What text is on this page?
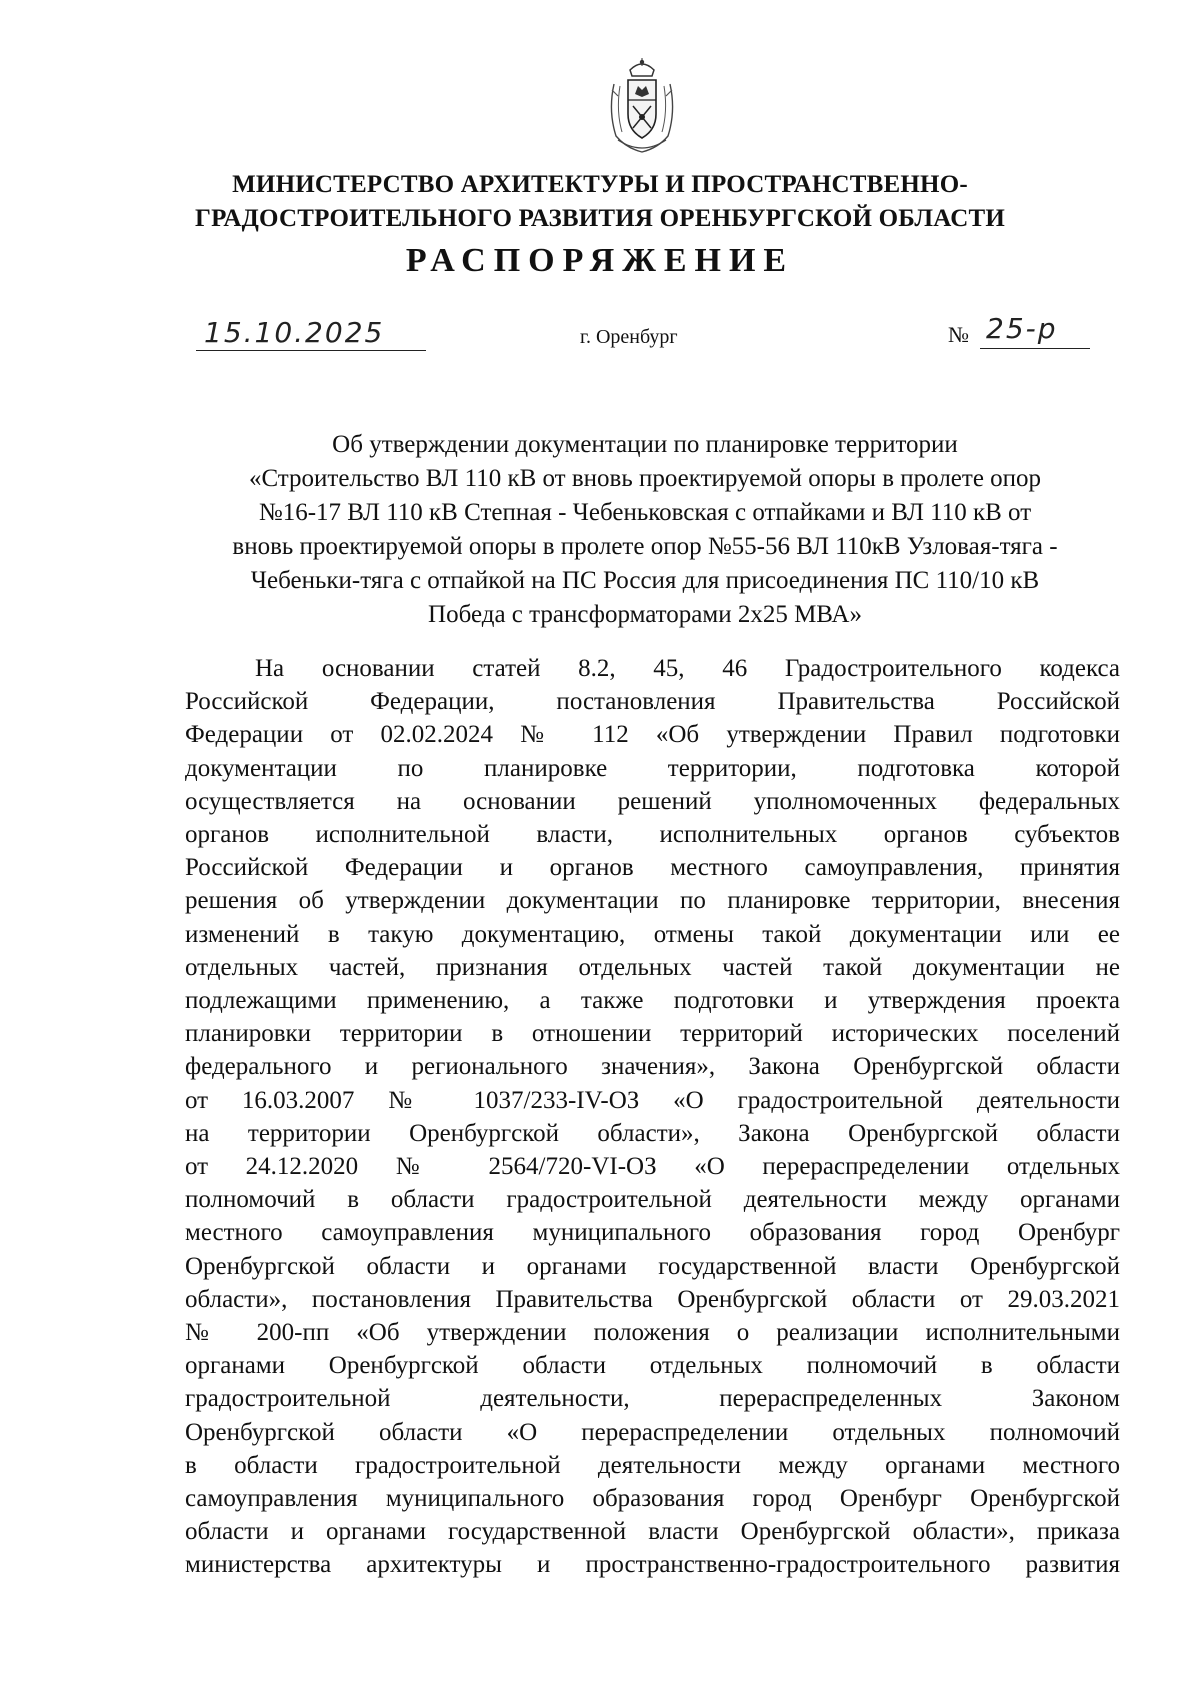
МИНИСТЕРСТВО АРХИТЕКТУРЫ И ПРОСТРАНСТВЕННО-
ГРАДОСТРОИТЕЛЬНОГО РАЗВИТИЯ ОРЕНБУРГСКОЙ ОБЛАСТИ
РАСПОРЯЖЕНИЕ
15.10.2025	г. Оренбург	№ 25-р
Об утверждении документации по планировке территории
«Строительство ВЛ 110 кВ от вновь проектируемой опоры в пролете опор
№16-17 ВЛ 110 кВ Степная - Чебеньковская с отпайками и ВЛ 110 кВ от
вновь проектируемой опоры в пролете опор №55-56 ВЛ 110кВ Узловая-тяга -
Чебеньки-тяга с отпайкой на ПС Россия для присоединения ПС 110/10 кВ
Победа с трансформаторами 2х25 МВА»
На основании статей 8.2, 45, 46 Градостроительного кодекса
Российской Федерации, постановления Правительства Российской
Федерации от 02.02.2024 № 112 «Об утверждении Правил подготовки
документации по планировке территории, подготовка которой
осуществляется на основании решений уполномоченных федеральных
органов исполнительной власти, исполнительных органов субъектов
Российской Федерации и органов местного самоуправления, принятия
решения об утверждении документации по планировке территории, внесения
изменений в такую документацию, отмены такой документации или ее
отдельных частей, признания отдельных частей такой документации не
подлежащими применению, а также подготовки и утверждения проекта
планировки территории в отношении территорий исторических поселений
федерального и регионального значения», Закона Оренбургской области
от 16.03.2007 № 1037/233-IV-ОЗ «О градостроительной деятельности
на территории Оренбургской области», Закона Оренбургской области
от 24.12.2020 № 2564/720-VI-ОЗ «О перераспределении отдельных
полномочий в области градостроительной деятельности между органами
местного самоуправления муниципального образования город Оренбург
Оренбургской области и органами государственной власти Оренбургской
области», постановления Правительства Оренбургской области от 29.03.2021
№ 200-пп «Об утверждении положения о реализации исполнительными
органами Оренбургской области отдельных полномочий в области
градостроительной деятельности, перераспределенных Законом
Оренбургской области «О перераспределении отдельных полномочий
в области градостроительной деятельности между органами местного
самоуправления муниципального образования город Оренбург Оренбургской
области и органами государственной власти Оренбургской области», приказа
министерства архитектуры и пространственно-градостроительного развития
